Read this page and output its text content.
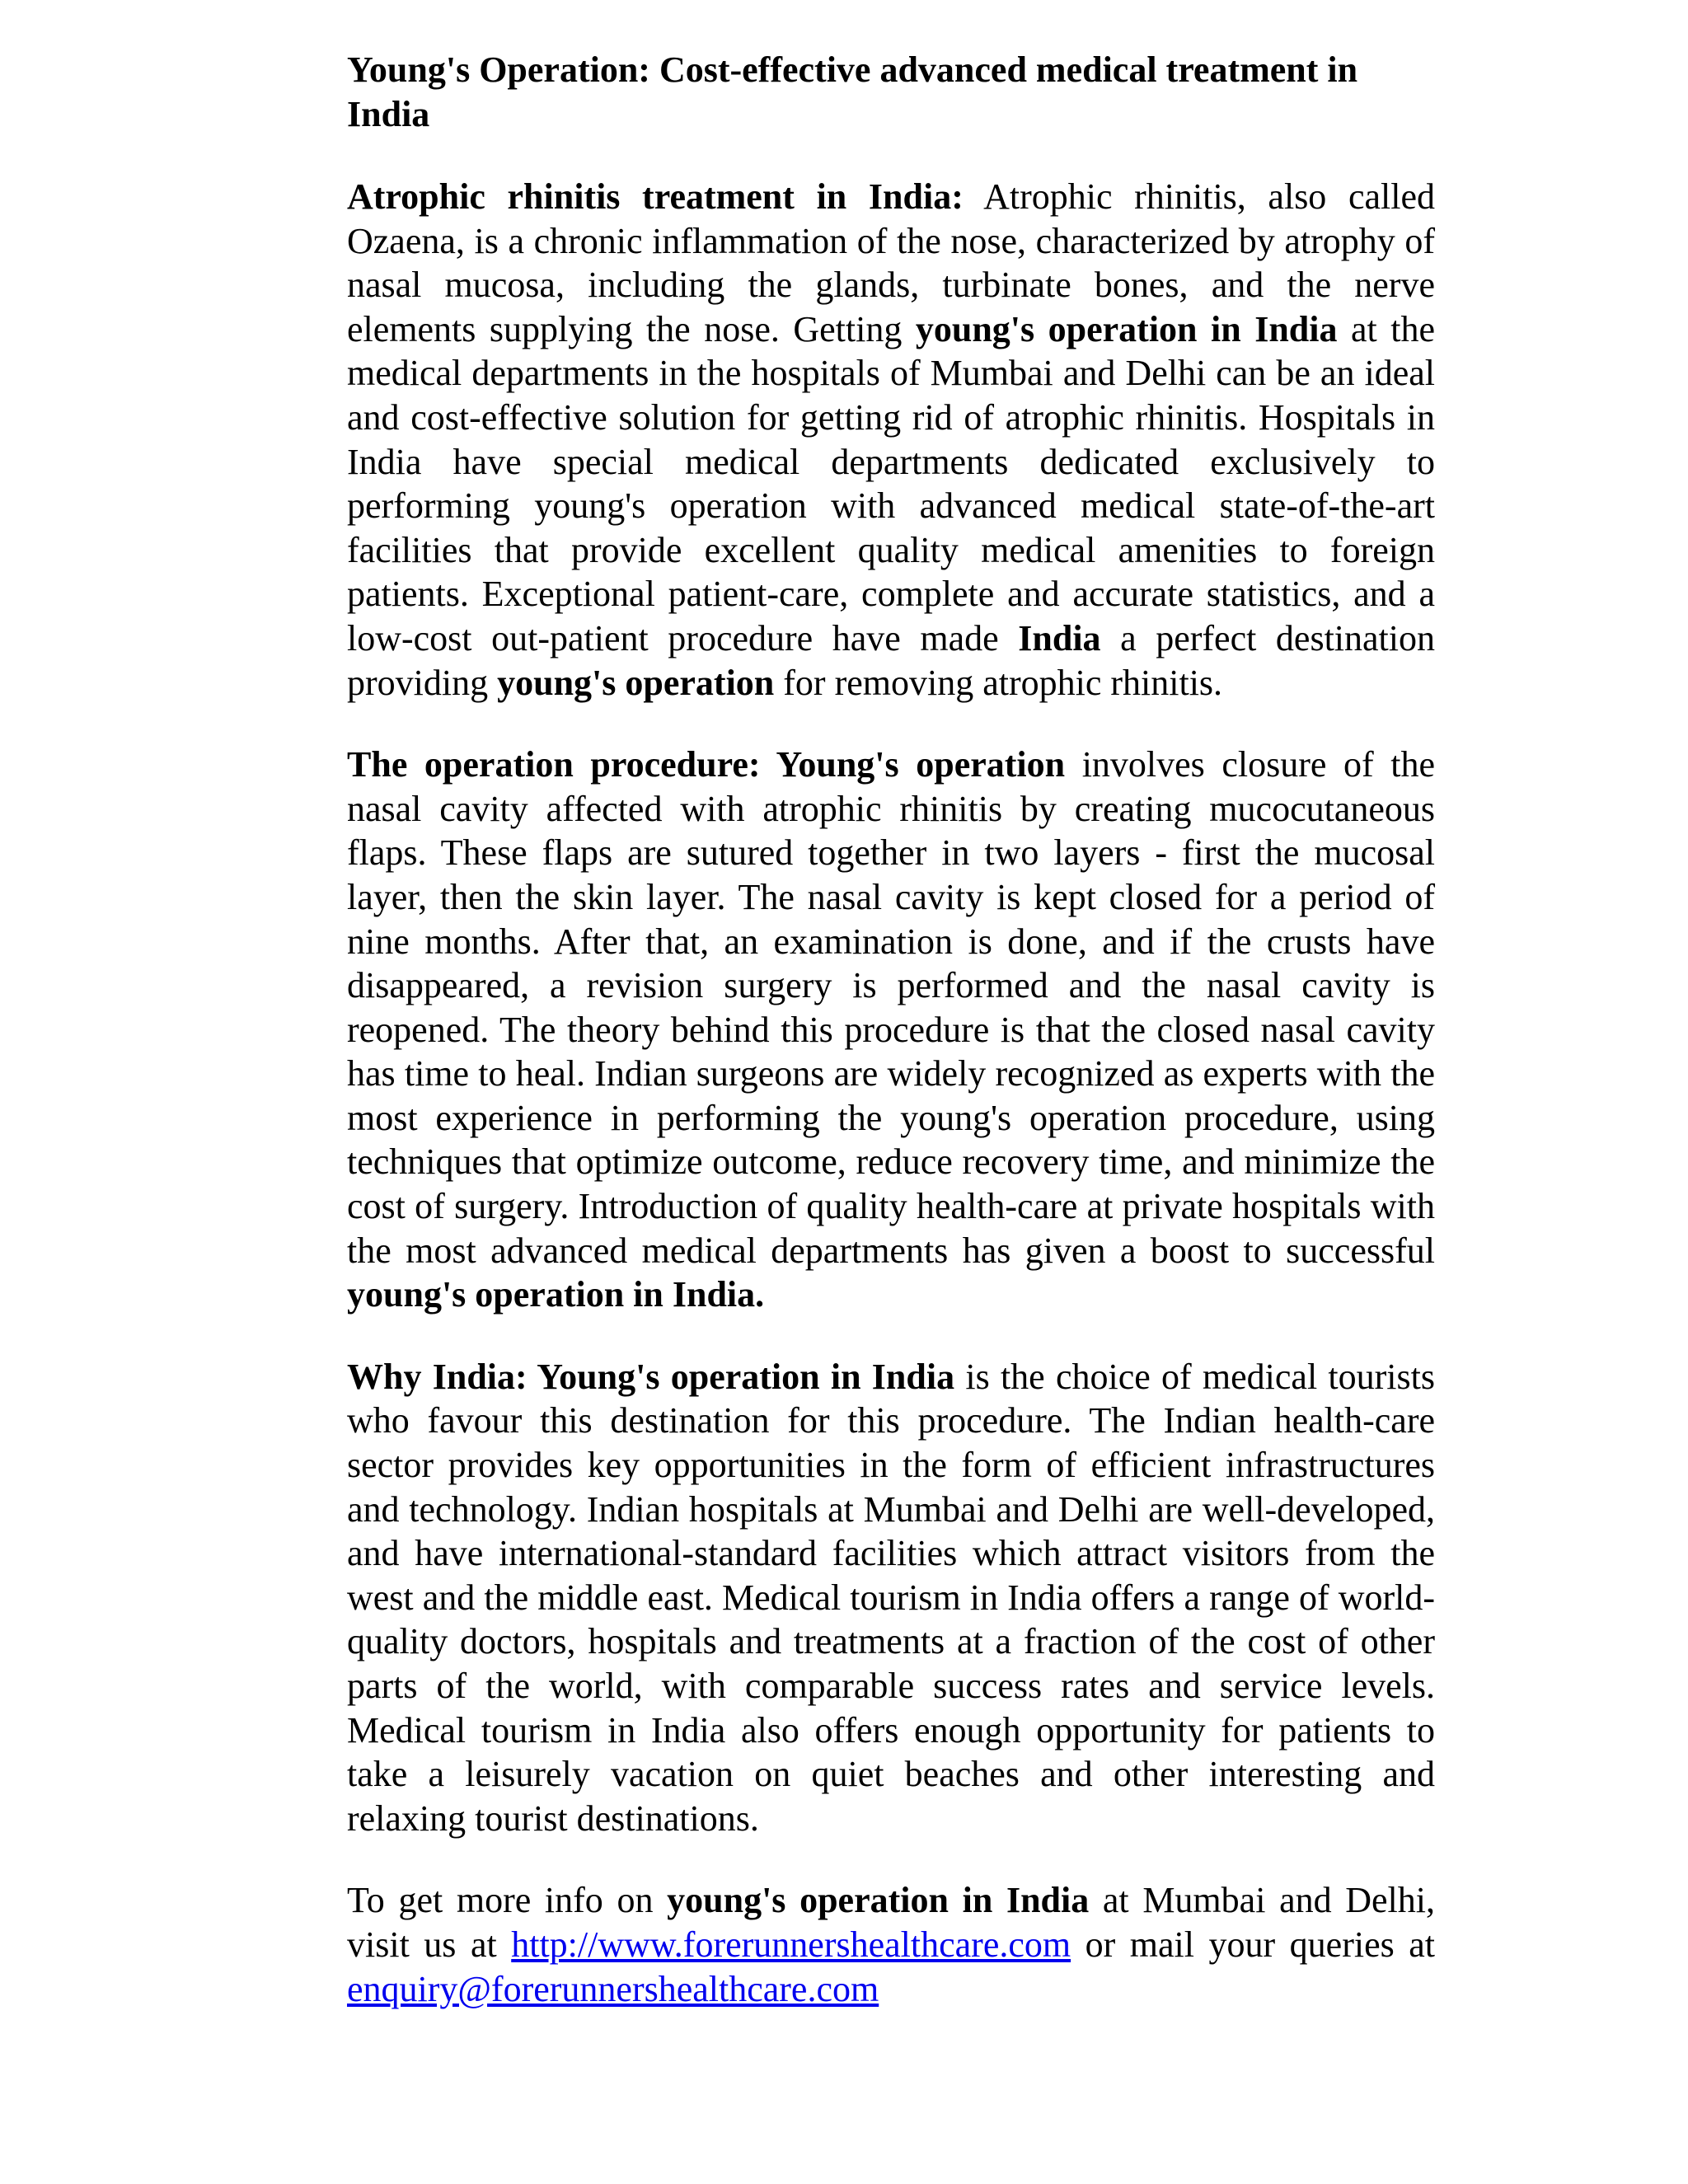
Young's Operation: Cost-effective advanced medical treatment in India

Atrophic rhinitis treatment in India: Atrophic rhinitis, also called Ozaena, is a chronic inflammation of the nose, characterized by atrophy of nasal mucosa, including the glands, turbinate bones, and the nerve elements supplying the nose. Getting young's operation in India at the medical departments in the hospitals of Mumbai and Delhi can be an ideal and cost-effective solution for getting rid of atrophic rhinitis. Hospitals in India have special medical departments dedicated exclusively to performing young's operation with advanced medical state-of-the-art facilities that provide excellent quality medical amenities to foreign patients. Exceptional patient-care, complete and accurate statistics, and a low-cost out-patient procedure have made India a perfect destination providing young's operation for removing atrophic rhinitis.

The operation procedure: Young's operation involves closure of the nasal cavity affected with atrophic rhinitis by creating mucocutaneous flaps. These flaps are sutured together in two layers - first the mucosal layer, then the skin layer. The nasal cavity is kept closed for a period of nine months. After that, an examination is done, and if the crusts have disappeared, a revision surgery is performed and the nasal cavity is reopened. The theory behind this procedure is that the closed nasal cavity has time to heal. Indian surgeons are widely recognized as experts with the most experience in performing the young's operation procedure, using techniques that optimize outcome, reduce recovery time, and minimize the cost of surgery. Introduction of quality health-care at private hospitals with the most advanced medical departments has given a boost to successful young's operation in India.

Why India: Young's operation in India is the choice of medical tourists who favour this destination for this procedure. The Indian health-care sector provides key opportunities in the form of efficient infrastructures and technology. Indian hospitals at Mumbai and Delhi are well-developed, and have international-standard facilities which attract visitors from the west and the middle east. Medical tourism in India offers a range of world-quality doctors, hospitals and treatments at a fraction of the cost of other parts of the world, with comparable success rates and service levels. Medical tourism in India also offers enough opportunity for patients to take a leisurely vacation on quiet beaches and other interesting and relaxing tourist destinations.

To get more info on young's operation in India at Mumbai and Delhi, visit us at http://www.forerunnershealthcare.com or mail your queries at enquiry@forerunnershealthcare.com
